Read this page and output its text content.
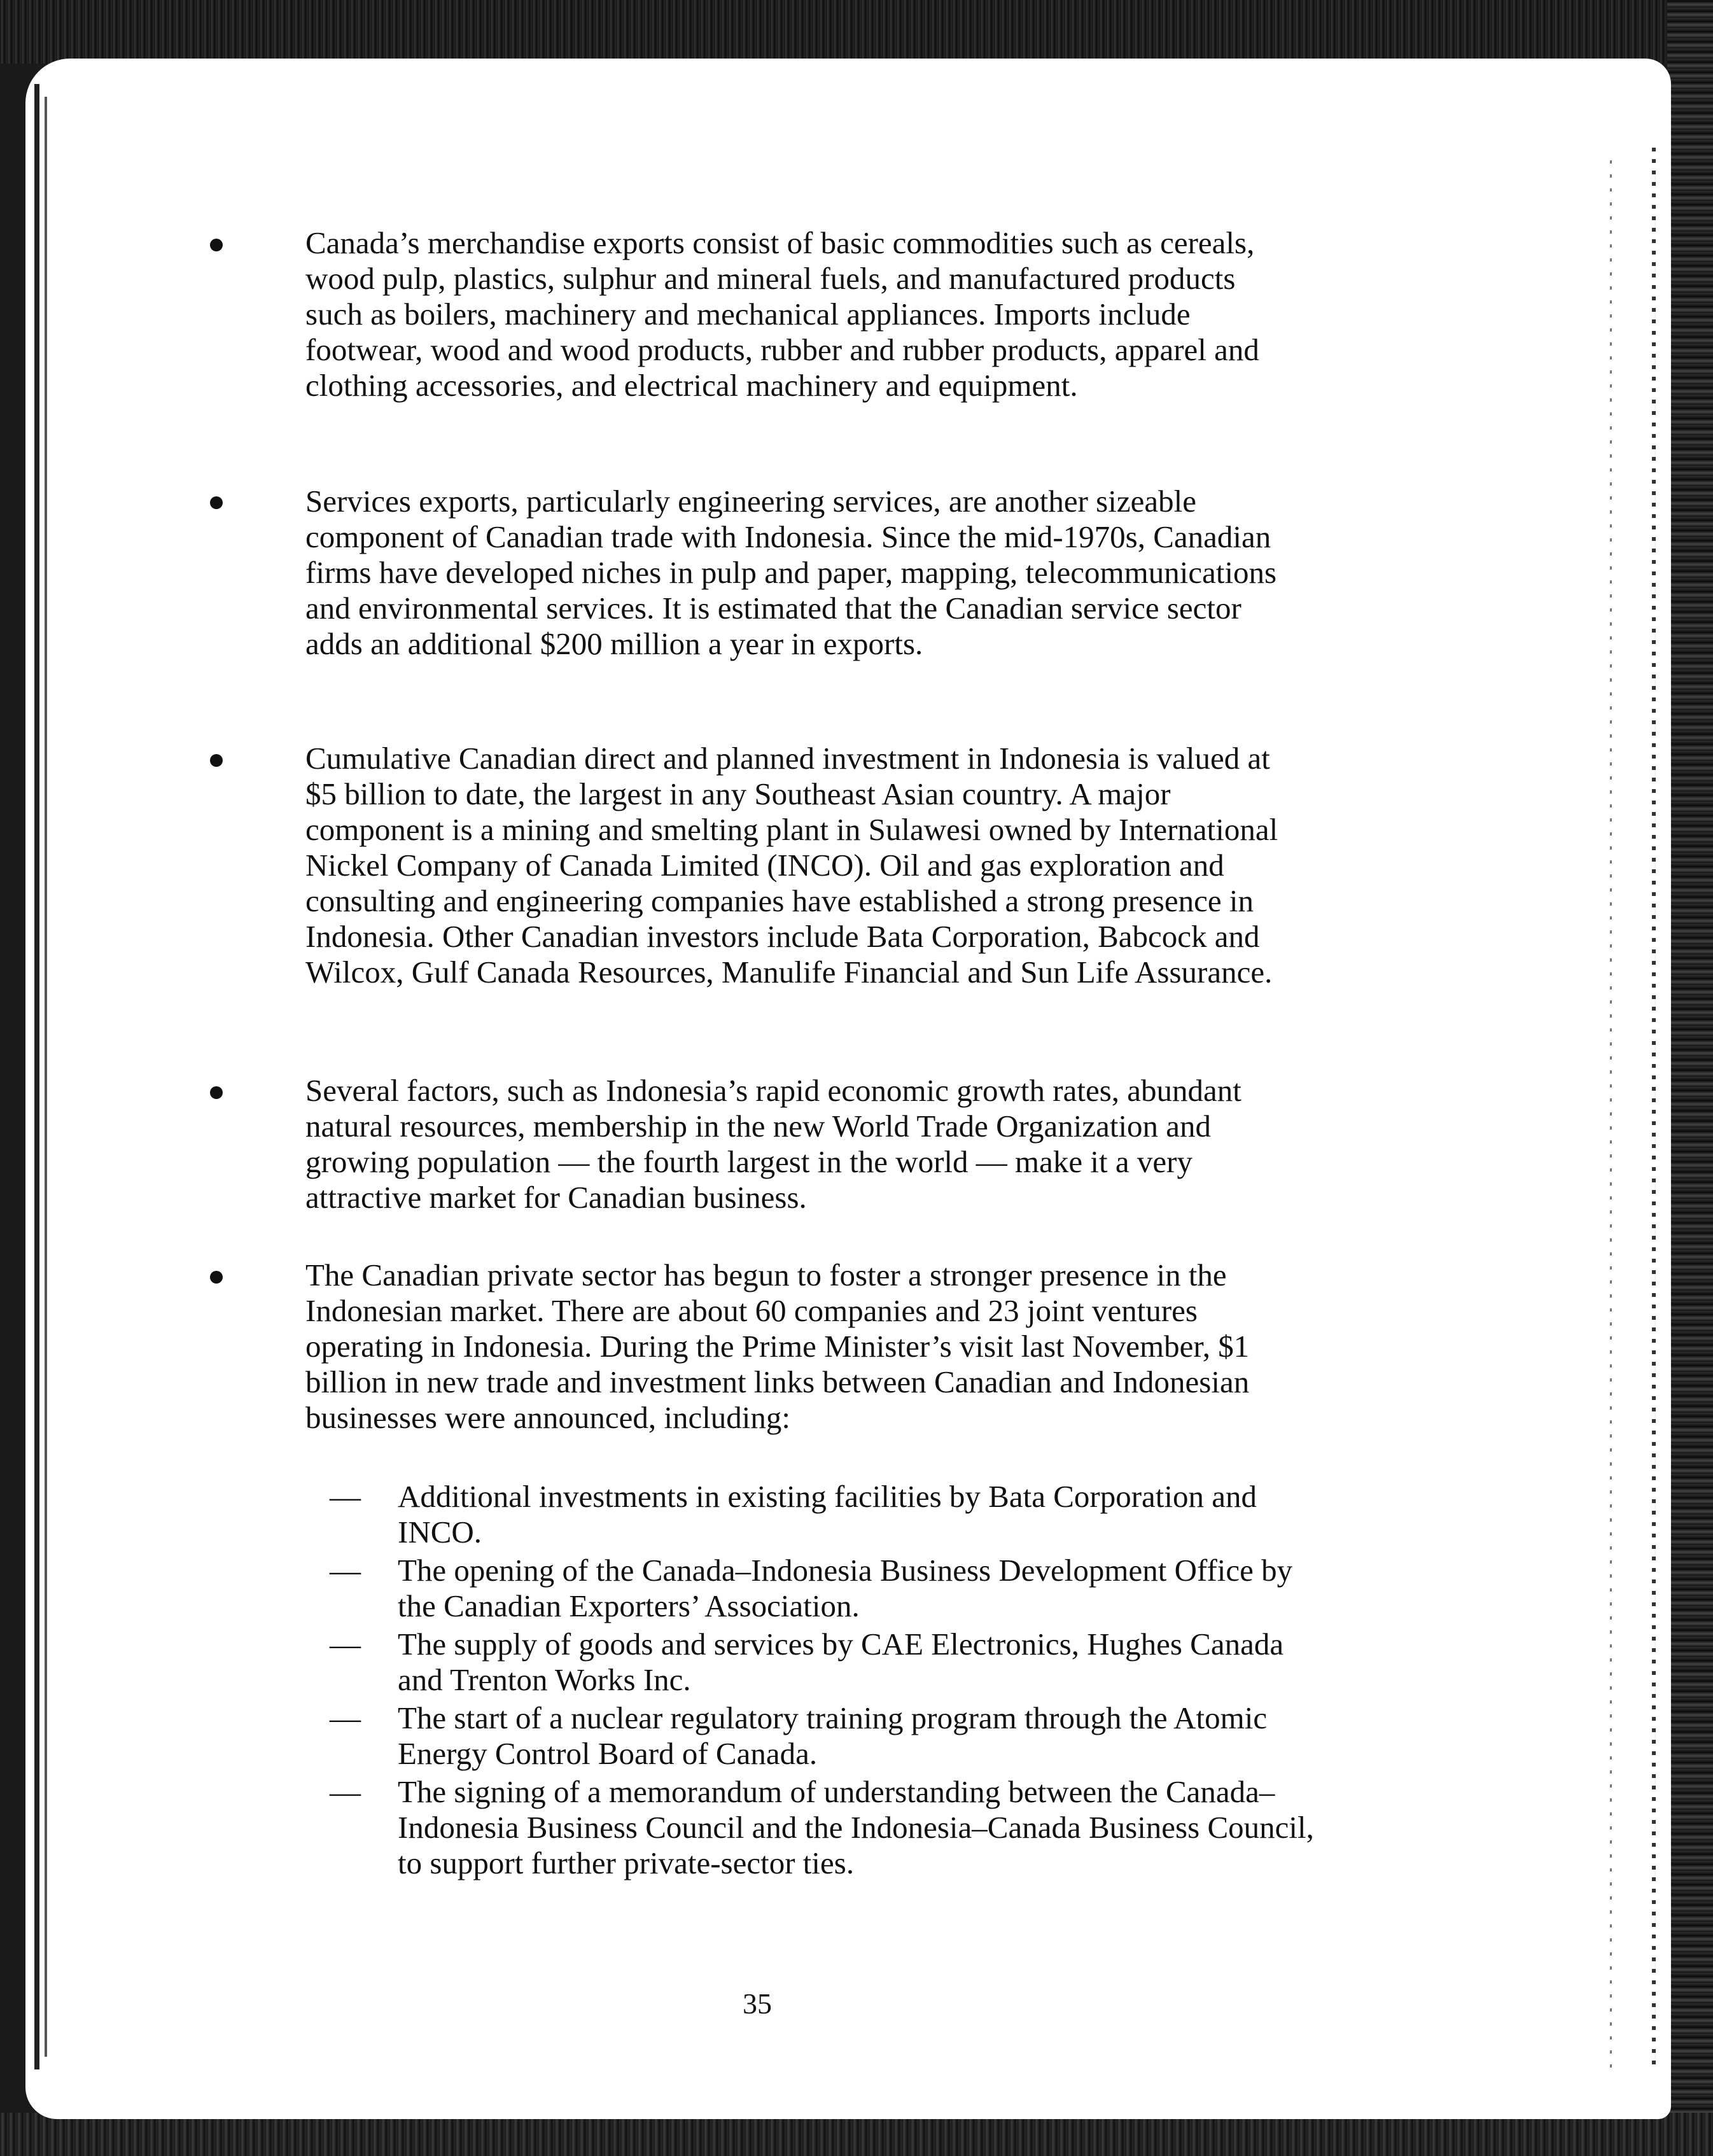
Canada’s merchandise exports consist of basic commodities such as cereals, wood pulp, plastics, sulphur and mineral fuels, and manufactured products such as boilers, machinery and mechanical appliances. Imports include footwear, wood and wood products, rubber and rubber products, apparel and clothing accessories, and electrical machinery and equipment.

Services exports, particularly engineering services, are another sizeable component of Canadian trade with Indonesia. Since the mid-1970s, Canadian firms have developed niches in pulp and paper, mapping, telecommunications and environmental services. It is estimated that the Canadian service sector adds an additional $200 million a year in exports.

Cumulative Canadian direct and planned investment in Indonesia is valued at $5 billion to date, the largest in any Southeast Asian country. A major component is a mining and smelting plant in Sulawesi owned by International Nickel Company of Canada Limited (INCO). Oil and gas exploration and consulting and engineering companies have established a strong presence in Indonesia. Other Canadian investors include Bata Corporation, Babcock and Wilcox, Gulf Canada Resources, Manulife Financial and Sun Life Assurance.

Several factors, such as Indonesia’s rapid economic growth rates, abundant natural resources, membership in the new World Trade Organization and growing population — the fourth largest in the world — make it a very attractive market for Canadian business.

The Canadian private sector has begun to foster a stronger presence in the Indonesian market. There are about 60 companies and 23 joint ventures operating in Indonesia. During the Prime Minister’s visit last November, $1 billion in new trade and investment links between Canadian and Indonesian businesses were announced, including:

— Additional investments in existing facilities by Bata Corporation and INCO.
— The opening of the Canada–Indonesia Business Development Office by the Canadian Exporters’ Association.
— The supply of goods and services by CAE Electronics, Hughes Canada and Trenton Works Inc.
— The start of a nuclear regulatory training program through the Atomic Energy Control Board of Canada.
— The signing of a memorandum of understanding between the Canada–Indonesia Business Council and the Indonesia–Canada Business Council, to support further private-sector ties.
35
